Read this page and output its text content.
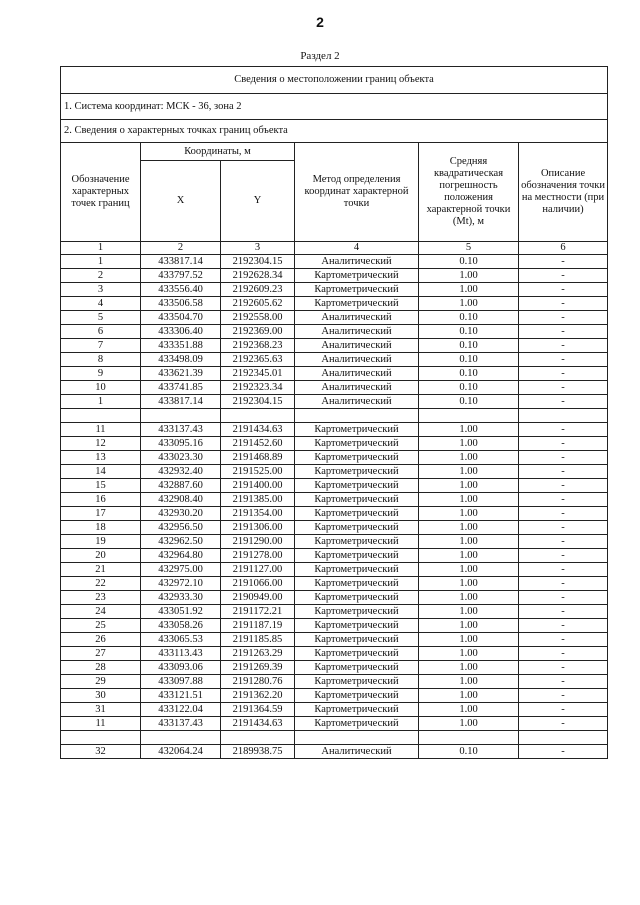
2
Раздел 2
Сведения о местоположении границ объекта					
1. Система координат: МСК - 36, зона 2					
2. Сведения о характерных точках границ объекта					
Обозначение характерных точек границ	Координаты, м		Метод определения координат характерной точки	Средняя квадратическая погрешность положения характерной точки (Mt), м	Описание обозначения точки на местности (при наличии)
	X	Y			
1	2	3	4	5	6
1	433817.14	2192304.15	Аналитический	0.10	-
2	433797.52	2192628.34	Картометрический	1.00	-
3	433556.40	2192609.23	Картометрический	1.00	-
4	433506.58	2192605.62	Картометрический	1.00	-
5	433504.70	2192558.00	Аналитический	0.10	-
6	433306.40	2192369.00	Аналитический	0.10	-
7	433351.88	2192368.23	Аналитический	0.10	-
8	433498.09	2192365.63	Аналитический	0.10	-
9	433621.39	2192345.01	Аналитический	0.10	-
10	433741.85	2192323.34	Аналитический	0.10	-
1	433817.14	2192304.15	Аналитический	0.10	-

11	433137.43	2191434.63	Картометрический	1.00	-
12	433095.16	2191452.60	Картометрический	1.00	-
13	433023.30	2191468.89	Картометрический	1.00	-
14	432932.40	2191525.00	Картометрический	1.00	-
15	432887.60	2191400.00	Картометрический	1.00	-
16	432908.40	2191385.00	Картометрический	1.00	-
17	432930.20	2191354.00	Картометрический	1.00	-
18	432956.50	2191306.00	Картометрический	1.00	-
19	432962.50	2191290.00	Картометрический	1.00	-
20	432964.80	2191278.00	Картометрический	1.00	-
21	432975.00	2191127.00	Картометрический	1.00	-
22	432972.10	2191066.00	Картометрический	1.00	-
23	432933.30	2190949.00	Картометрический	1.00	-
24	433051.92	2191172.21	Картометрический	1.00	-
25	433058.26	2191187.19	Картометрический	1.00	-
26	433065.53	2191185.85	Картометрический	1.00	-
27	433113.43	2191263.29	Картометрический	1.00	-
28	433093.06	2191269.39	Картометрический	1.00	-
29	433097.88	2191280.76	Картометрический	1.00	-
30	433121.51	2191362.20	Картометрический	1.00	-
31	433122.04	2191364.59	Картометрический	1.00	-
11	433137.43	2191434.63	Картометрический	1.00	-

32	432064.24	2189938.75	Аналитический	0.10	-
